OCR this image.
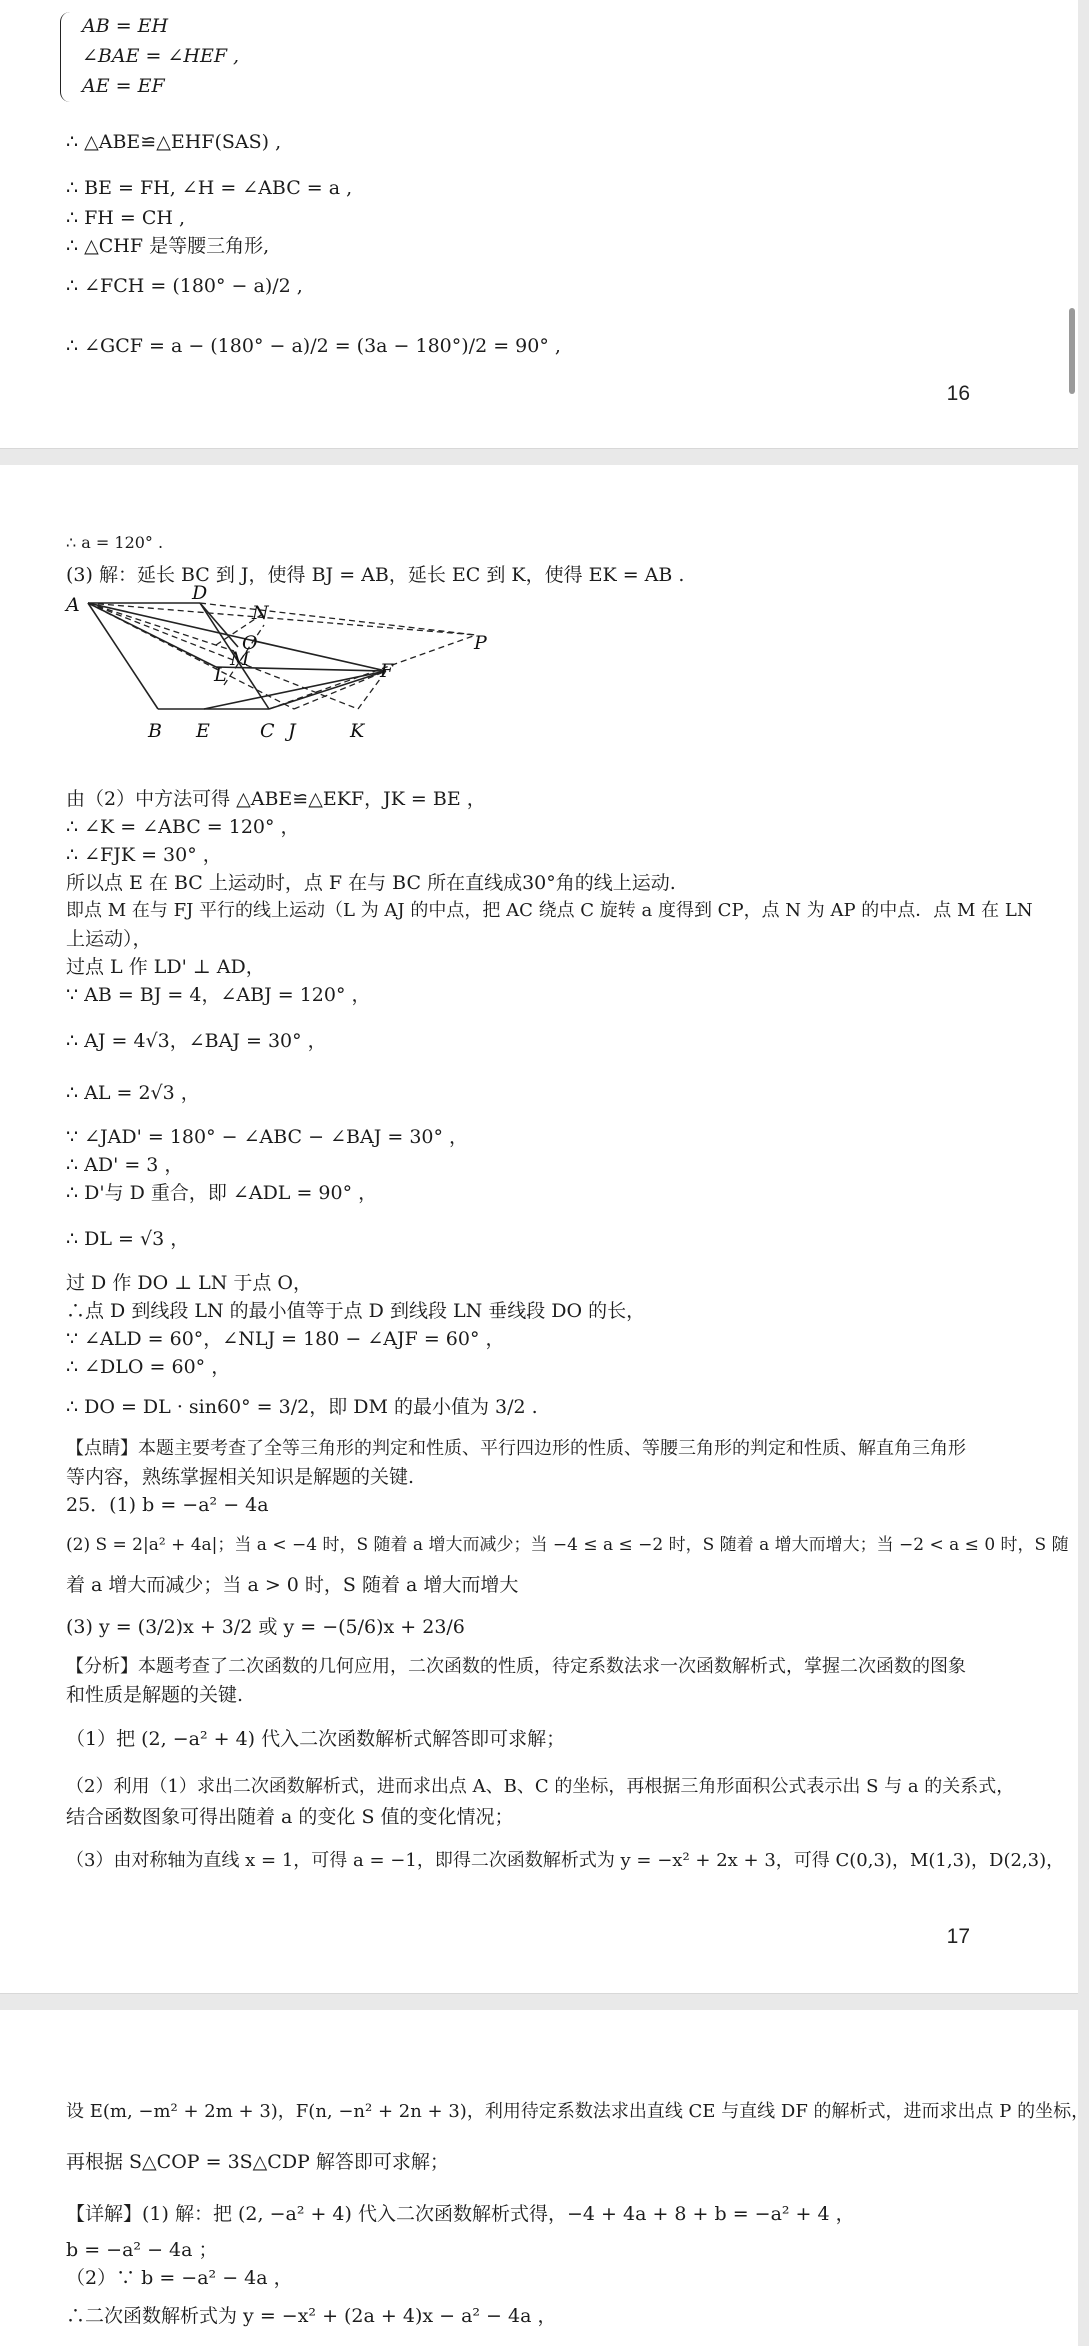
AB = EH
∠BAE = ∠HEF ,
AE = EF
∴ △ABE≌△EHF(SAS) ,
∴ BE = FH, ∠H = ∠ABC = a ,
∴ FH = CH ,
∴ △CHF 是等腰三角形,
∴ ∠FCH = (180° − a)/2 ,
∴ ∠GCF = a − (180° − a)/2 = (3a − 180°)/2 = 90° ,
16
∴ a = 120° .
(3) 解：延长 BC 到 J，使得 BJ = AB，延长 EC 到 K，使得 EK = AB .
A
D
N
O
M
L
P
F
B E	C J	K
由（2）中方法可得 △ABE≌△EKF，JK = BE ，
∴ ∠K = ∠ABC = 120° ，
∴ ∠FJK = 30° ，
所以点 E 在 BC 上运动时，点 F 在与 BC 所在直线成30°角的线上运动.
即点 M 在与 FJ 平行的线上运动（L 为 AJ 的中点，把 AC 绕点 C 旋转 a 度得到 CP，点 N 为 AP 的中点．点 M 在 LN
上运动），
过点 L 作 LD' ⊥ AD，
∵ AB = BJ = 4，∠ABJ = 120° ，
∴ AJ = 4√3，∠BAJ = 30° ，
∴ AL = 2√3 ，
∵ ∠JAD' = 180° − ∠ABC − ∠BAJ = 30° ，
∴ AD' = 3 ，
∴ D'与 D 重合，即 ∠ADL = 90° ，
∴ DL = √3 ，
过 D 作 DO ⊥ LN 于点 O，
∴点 D 到线段 LN 的最小值等于点 D 到线段 LN 垂线段 DO 的长，
∵ ∠ALD = 60°，∠NLJ = 180 − ∠AJF = 60° ，
∴ ∠DLO = 60° ，
∴ DO = DL · sin60° = 3/2，即 DM 的最小值为 3/2 .
【点睛】本题主要考查了全等三角形的判定和性质、平行四边形的性质、等腰三角形的判定和性质、解直角三角形
等内容，熟练掌握相关知识是解题的关键.
25．(1) b = −a² − 4a
(2) S = 2|a² + 4a|；当 a < −4 时，S 随着 a 增大而减少；当 −4 ≤ a ≤ −2 时，S 随着 a 增大而增大；当 −2 < a ≤ 0 时，S 随
着 a 增大而减少；当 a > 0 时，S 随着 a 增大而增大
(3) y = (3/2)x + 3/2 或 y = −(5/6)x + 23/6
【分析】本题考查了二次函数的几何应用，二次函数的性质，待定系数法求一次函数解析式，掌握二次函数的图象
和性质是解题的关键.
（1）把 (2, −a² + 4) 代入二次函数解析式解答即可求解；
（2）利用（1）求出二次函数解析式，进而求出点 A、B、C 的坐标，再根据三角形面积公式表示出 S 与 a 的关系式，
结合函数图象可得出随着 a 的变化 S 值的变化情况；
（3）由对称轴为直线 x = 1，可得 a = −1，即得二次函数解析式为 y = −x² + 2x + 3，可得 C(0,3)，M(1,3)，D(2,3)，
17
设 E(m, −m² + 2m + 3)，F(n, −n² + 2n + 3)，利用待定系数法求出直线 CE 与直线 DF 的解析式，进而求出点 P 的坐标，
再根据 S△COP = 3S△CDP 解答即可求解；
【详解】(1) 解：把 (2, −a² + 4) 代入二次函数解析式得，−4 + 4a + 8 + b = −a² + 4 ，
b = −a² − 4a ；
（2）∵ b = −a² − 4a ，
∴二次函数解析式为 y = −x² + (2a + 4)x − a² − 4a ，
